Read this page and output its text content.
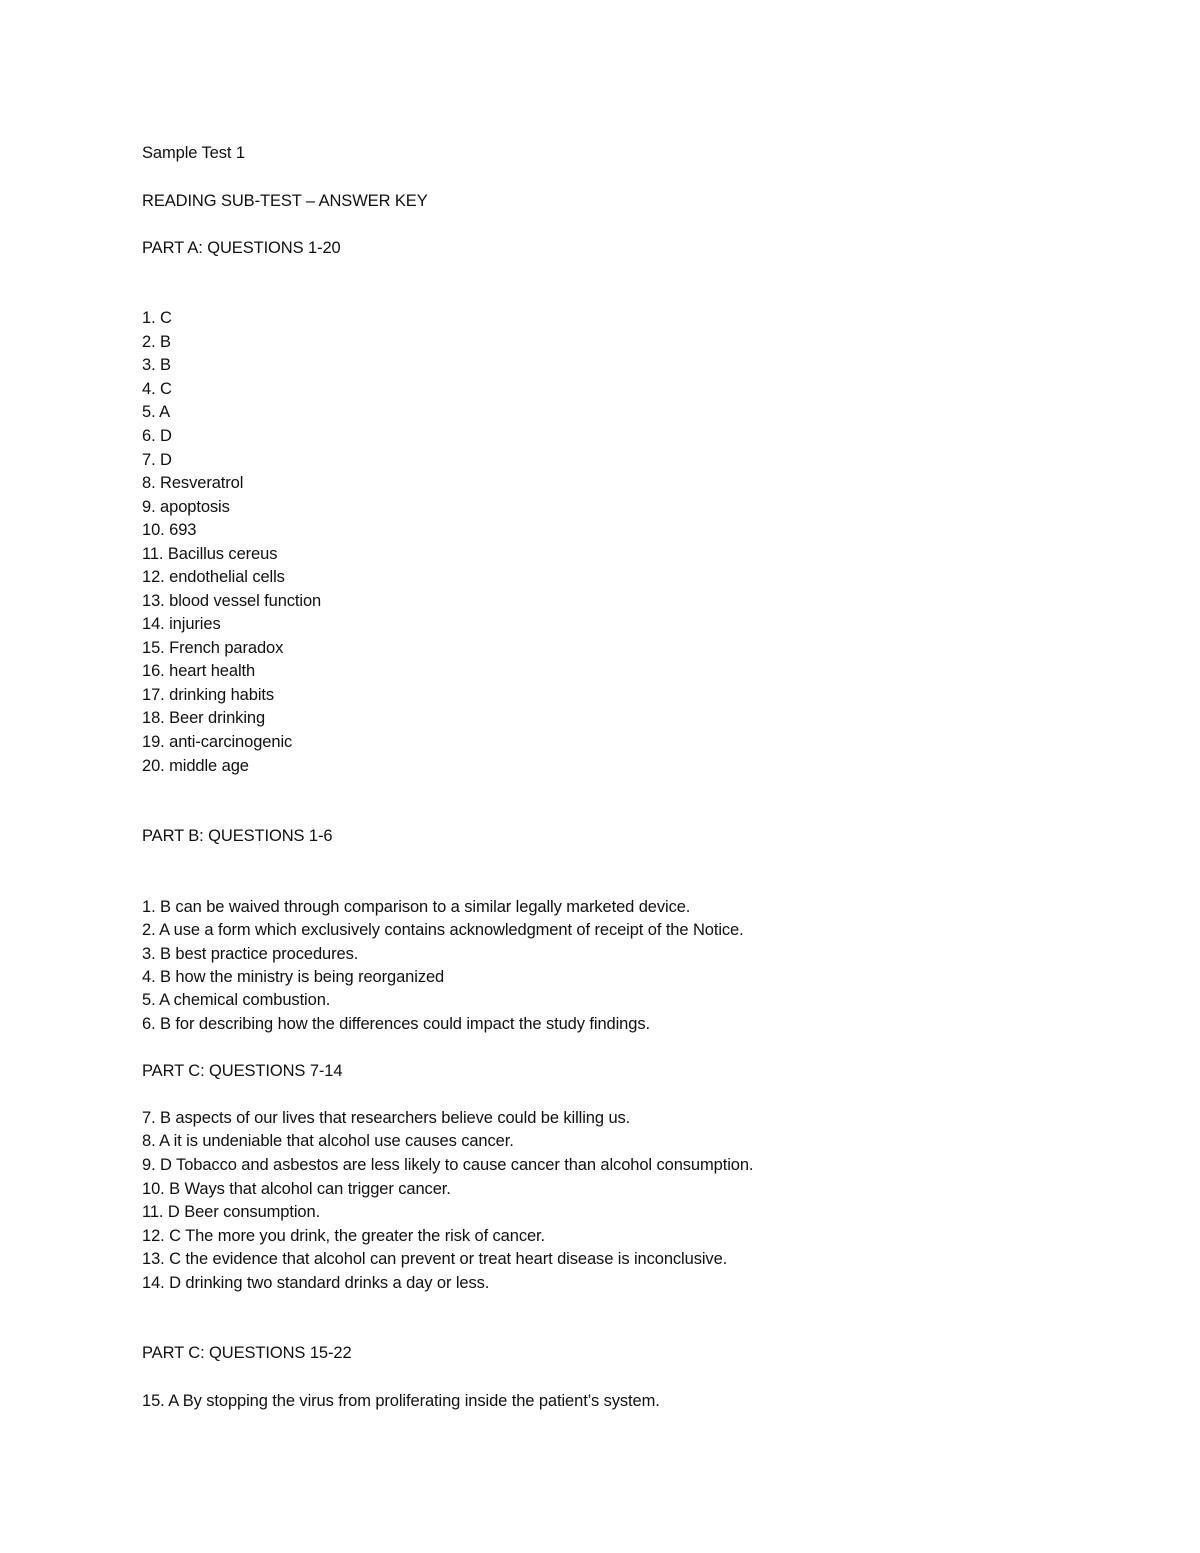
Sample Test 1
READING SUB-TEST – ANSWER KEY
PART A: QUESTIONS 1-20
1. C
2. B
3. B
4. C
5. A
6. D
7. D
8. Resveratrol
9. apoptosis
10. 693
11. Bacillus cereus
12. endothelial cells
13. blood vessel function
14. injuries
15. French paradox
16. heart health
17. drinking habits
18. Beer drinking
19. anti-carcinogenic
20. middle age
PART B: QUESTIONS 1-6
1. B can be waived through comparison to a similar legally marketed device.
2. A use a form which exclusively contains acknowledgment of receipt of the Notice.
3. B best practice procedures.
4. B how the ministry is being reorganized
5. A chemical combustion.
6. B for describing how the differences could impact the study findings.
PART C: QUESTIONS 7-14
7. B aspects of our lives that researchers believe could be killing us.
8. A it is undeniable that alcohol use causes cancer.
9. D Tobacco and asbestos are less likely to cause cancer than alcohol consumption.
10. B Ways that alcohol can trigger cancer.
11. D Beer consumption.
12. C The more you drink, the greater the risk of cancer.
13. C the evidence that alcohol can prevent or treat heart disease is inconclusive.
14. D drinking two standard drinks a day or less.
PART C: QUESTIONS 15-22
15. A By stopping the virus from proliferating inside the patient’s system.
